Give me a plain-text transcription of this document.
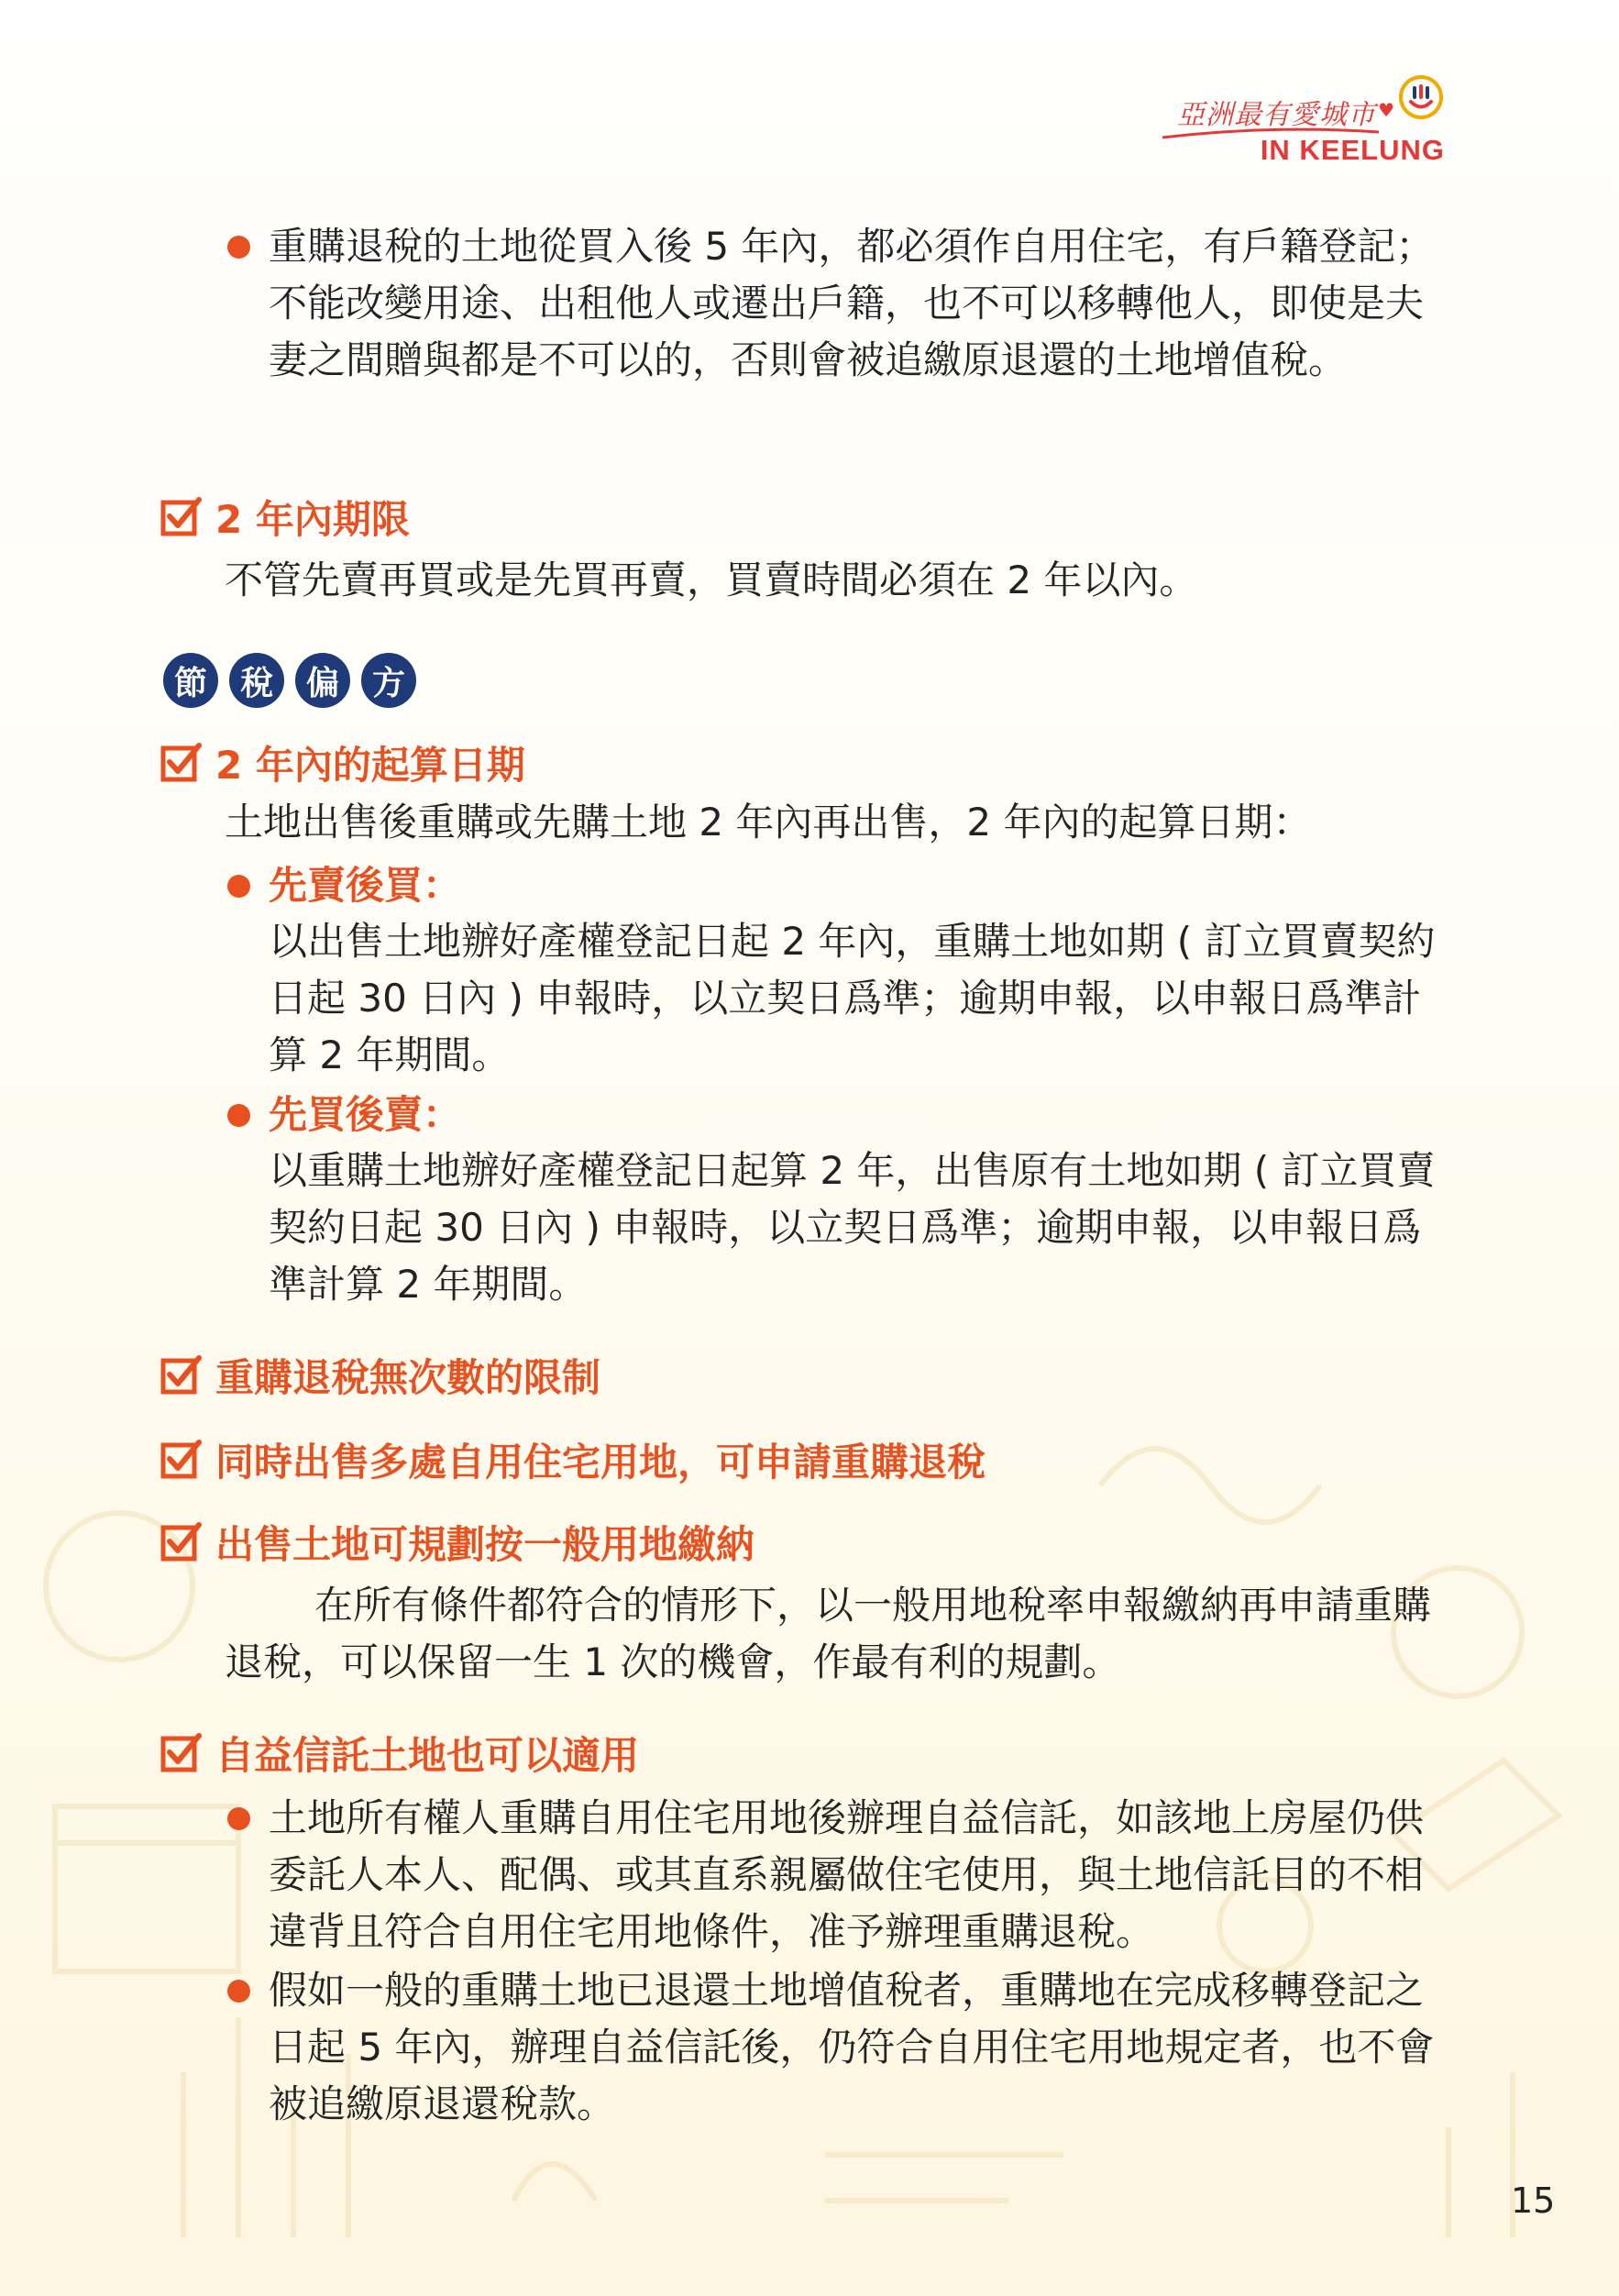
亞洲最有愛城市 ♥
IN KEELUNG

重購退稅的土地從買入後 5 年內，都必須作自用住宅，有戶籍登記；不能改變用途、出租他人或遷出戶籍，也不可以移轉他人，即使是夫妻之間贈與都是不可以的，否則會被追繳原退還的土地增值稅。

2 年內期限

不管先賣再買或是先買再賣，買賣時間必須在 2 年以內。

節 稅 偏 方
2 年內的起算日期

土地出售後重購或先購土地 2 年內再出售，2 年內的起算日期：

先賣後買：

以出售土地辦好產權登記日起 2 年內，重購土地如期 ( 訂立買賣契約日起 30 日內 ) 申報時，以立契日爲準；逾期申報，以申報日爲準計算 2 年期間。

先買後賣：

以重購土地辦好產權登記日起算 2 年，出售原有土地如期 ( 訂立買賣契約日起 30 日內 ) 申報時，以立契日爲準；逾期申報，以申報日爲準計算 2 年期間。

重購退稅無次數的限制
同時出售多處自用住宅用地，可申請重購退稅
出售土地可規劃按一般用地繳納

在所有條件都符合的情形下，以一般用地稅率申報繳納再申請重購退稅，可以保留一生 1 次的機會，作最有利的規劃。

自益信託土地也可以適用

土地所有權人重購自用住宅用地後辦理自益信託，如該地上房屋仍供委託人本人、配偶、或其直系親屬做住宅使用，與土地信託目的不相違背且符合自用住宅用地條件，准予辦理重購退稅。

假如一般的重購土地已退還土地增值稅者，重購地在完成移轉登記之日起 5 年內，辦理自益信託後，仍符合自用住宅用地規定者，也不會被追繳原退還稅款。

15
